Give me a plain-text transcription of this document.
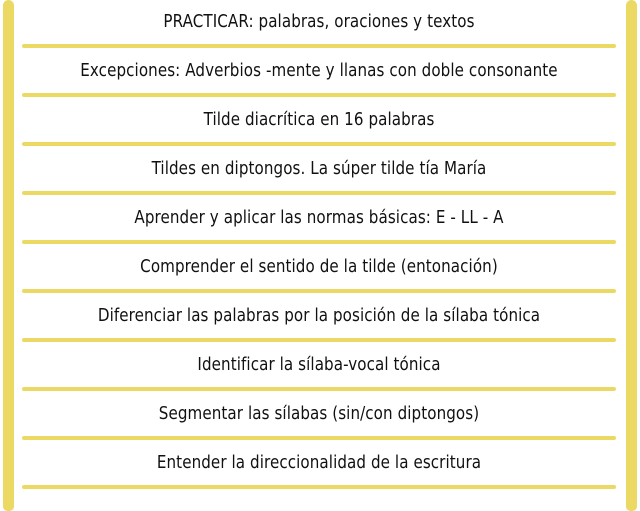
PRACTICAR: palabras, oraciones y textos
Excepciones: Adverbios -mente y llanas con doble consonante
Tilde diacrítica en 16 palabras
Tildes en diptongos. La súper tilde tía María
Aprender y aplicar las normas básicas: E - LL - A
Comprender el sentido de la tilde (entonación)
Diferenciar las palabras por la posición de la sílaba tónica
Identificar la sílaba-vocal tónica
Segmentar las sílabas (sin/con diptongos)
Entender la direccionalidad de la escritura
